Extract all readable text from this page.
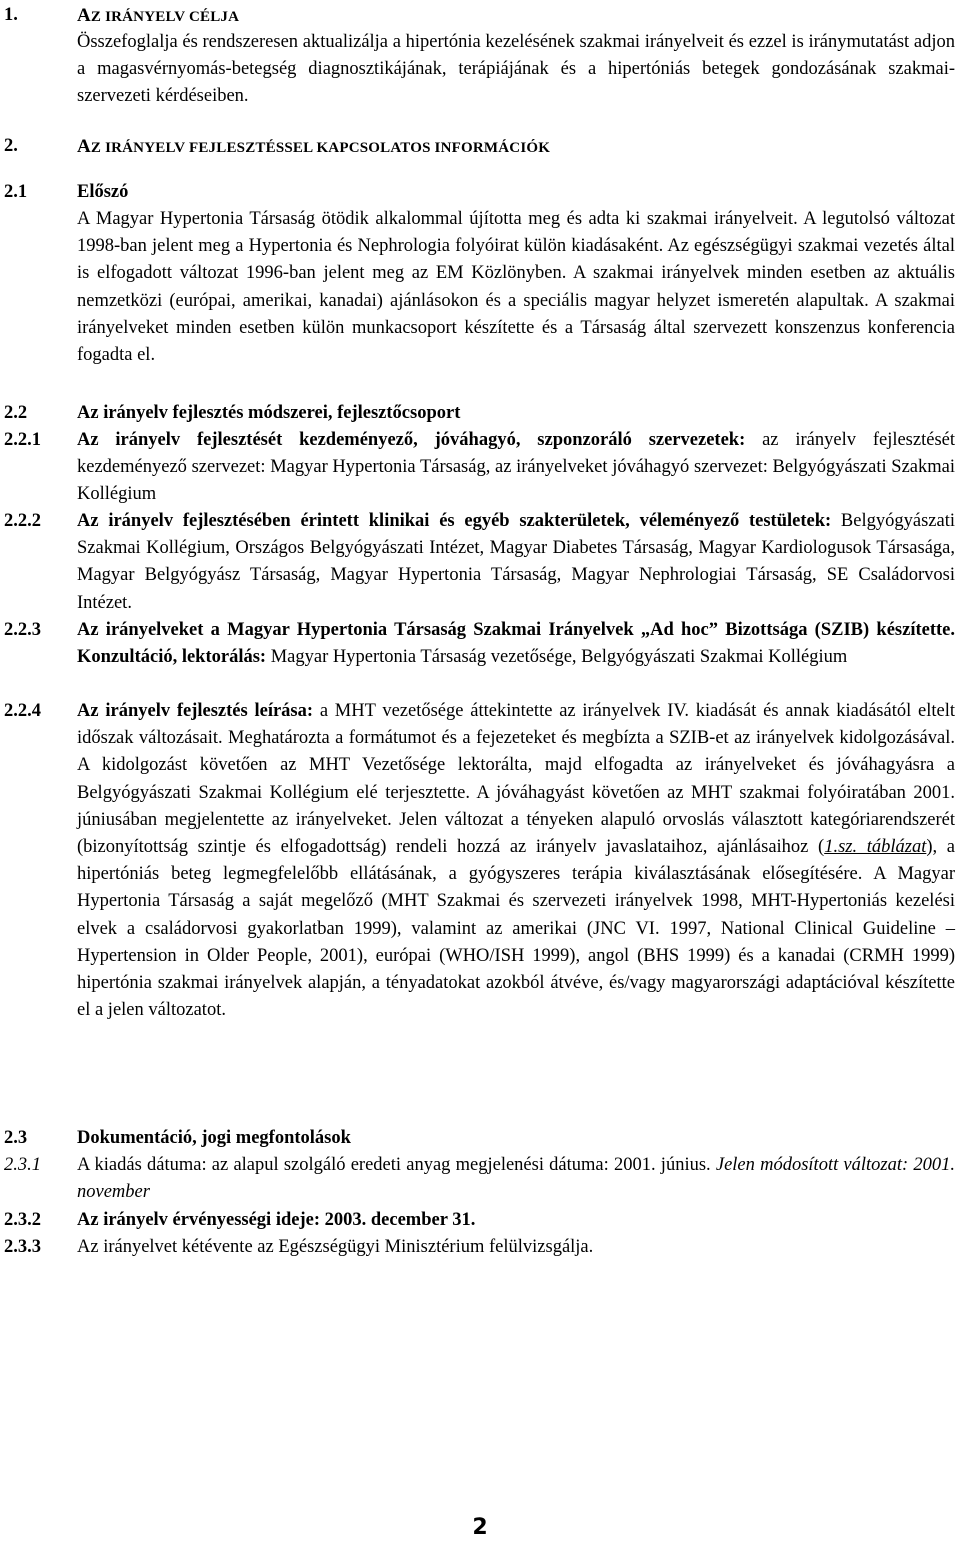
1.	AZ IRÁNYELV CÉLJA

Összefoglalja és rendszeresen aktualizálja a hipertónia kezelésének szakmai irányelveit és ezzel is iránymutatást adjon a magasvérnyomás-betegség diagnosztikájának, terápiájának és a hipertóniás betegek gondozásának szakmai-szervezeti kérdéseiben.

2.	AZ IRÁNYELV FEJLESZTÉSSEL KAPCSOLATOS INFORMÁCIÓK
2.1	Előszó

A Magyar Hypertonia Társaság ötödik alkalommal újította meg és adta ki szakmai irányelveit. A legutolsó változat 1998-ban jelent meg a Hypertonia és Nephrologia folyóirat külön kiadásaként. Az egészségügyi szakmai vezetés által is elfogadott változat 1996-ban jelent meg az EM Közlönyben. A szakmai irányelvek minden esetben az aktuális nemzetközi (európai, amerikai, kanadai) ajánlásokon és a speciális magyar helyzet ismeretén alapultak. A szakmai irányelveket minden esetben külön munkacsoport készítette és a Társaság által szervezett konszenzus konferencia fogadta el.

2.2	Az irányelv fejlesztés módszerei, fejlesztőcsoport
2.2.1 Az irányelv fejlesztését kezdeményező, jóváhagyó, szponzoráló szervezetek: az irányelv fejlesztését kezdeményező szervezet: Magyar Hypertonia Társaság, az irányelveket jóváhagyó szervezet: Belgyógyászati Szakmai Kollégium

2.2.2 Az irányelv fejlesztésében érintett klinikai és egyéb szakterületek, véleményező testületek: Belgyógyászati Szakmai Kollégium, Országos Belgyógyászati Intézet, Magyar Diabetes Társaság, Magyar Kardiologusok Társasága, Magyar Belgyógyász Társaság, Magyar Hypertonia Társaság, Magyar Nephrologiai Társaság, SE Családorvosi Intézet.

2.2.3 Az irányelveket a Magyar Hypertonia Társaság Szakmai Irányelvek „Ad hoc” Bizottsága (SZIB) készítette. Konzultáció, lektorálás: Magyar Hypertonia Társaság vezetősége, Belgyógyászati Szakmai Kollégium

2.2.4 Az irányelv fejlesztés leírása: a MHT vezetősége áttekintette az irányelvek IV. kiadását és annak kiadásától eltelt időszak változásait. Meghatározta a formátumot és a fejezeteket és megbízta a SZIB-et az irányelvek kidolgozásával. A kidolgozást követően az MHT Vezetősége lektorálta, majd elfogadta az irányelveket és jóváhagyásra a Belgyógyászati Szakmai Kollégium elé terjesztette. A jóváhagyást követően az MHT szakmai folyóiratában 2001. júniusában megjelentette az irányelveket. Jelen változat a tényeken alapuló orvoslás választott kategóriarendszerét (bizonyítottság szintje és elfogadottság) rendeli hozzá az irányelv javaslataihoz, ajánlásaihoz (1.sz. táblázat), a hipertóniás beteg legmegfelelőbb ellátásának, a gyógyszeres terápia kiválasztásának elősegítésére. A Magyar Hypertonia Társaság a saját megelőző (MHT Szakmai és szervezeti irányelvek 1998, MHT-Hypertoniás kezelési elvek a családorvosi gyakorlatban 1999), valamint az amerikai (JNC VI. 1997, National Clinical Guideline – Hypertension in Older People, 2001), európai (WHO/ISH 1999), angol (BHS 1999) és a kanadai (CRMH 1999) hipertónia szakmai irányelvek alapján, a tényadatokat azokból átvéve, és/vagy magyarországi adaptációval készítette el a jelen változatot.

2.3	Dokumentáció, jogi megfontolások
2.3.1 A kiadás dátuma: az alapul szolgáló eredeti anyag megjelenési dátuma: 2001. június. Jelen módosított változat: 2001. november

2.3.2 Az irányelv érvényességi ideje: 2003. december 31.
2.3.3 Az irányelvet kétévente az Egészségügyi Minisztérium felülvizsgálja.
2
